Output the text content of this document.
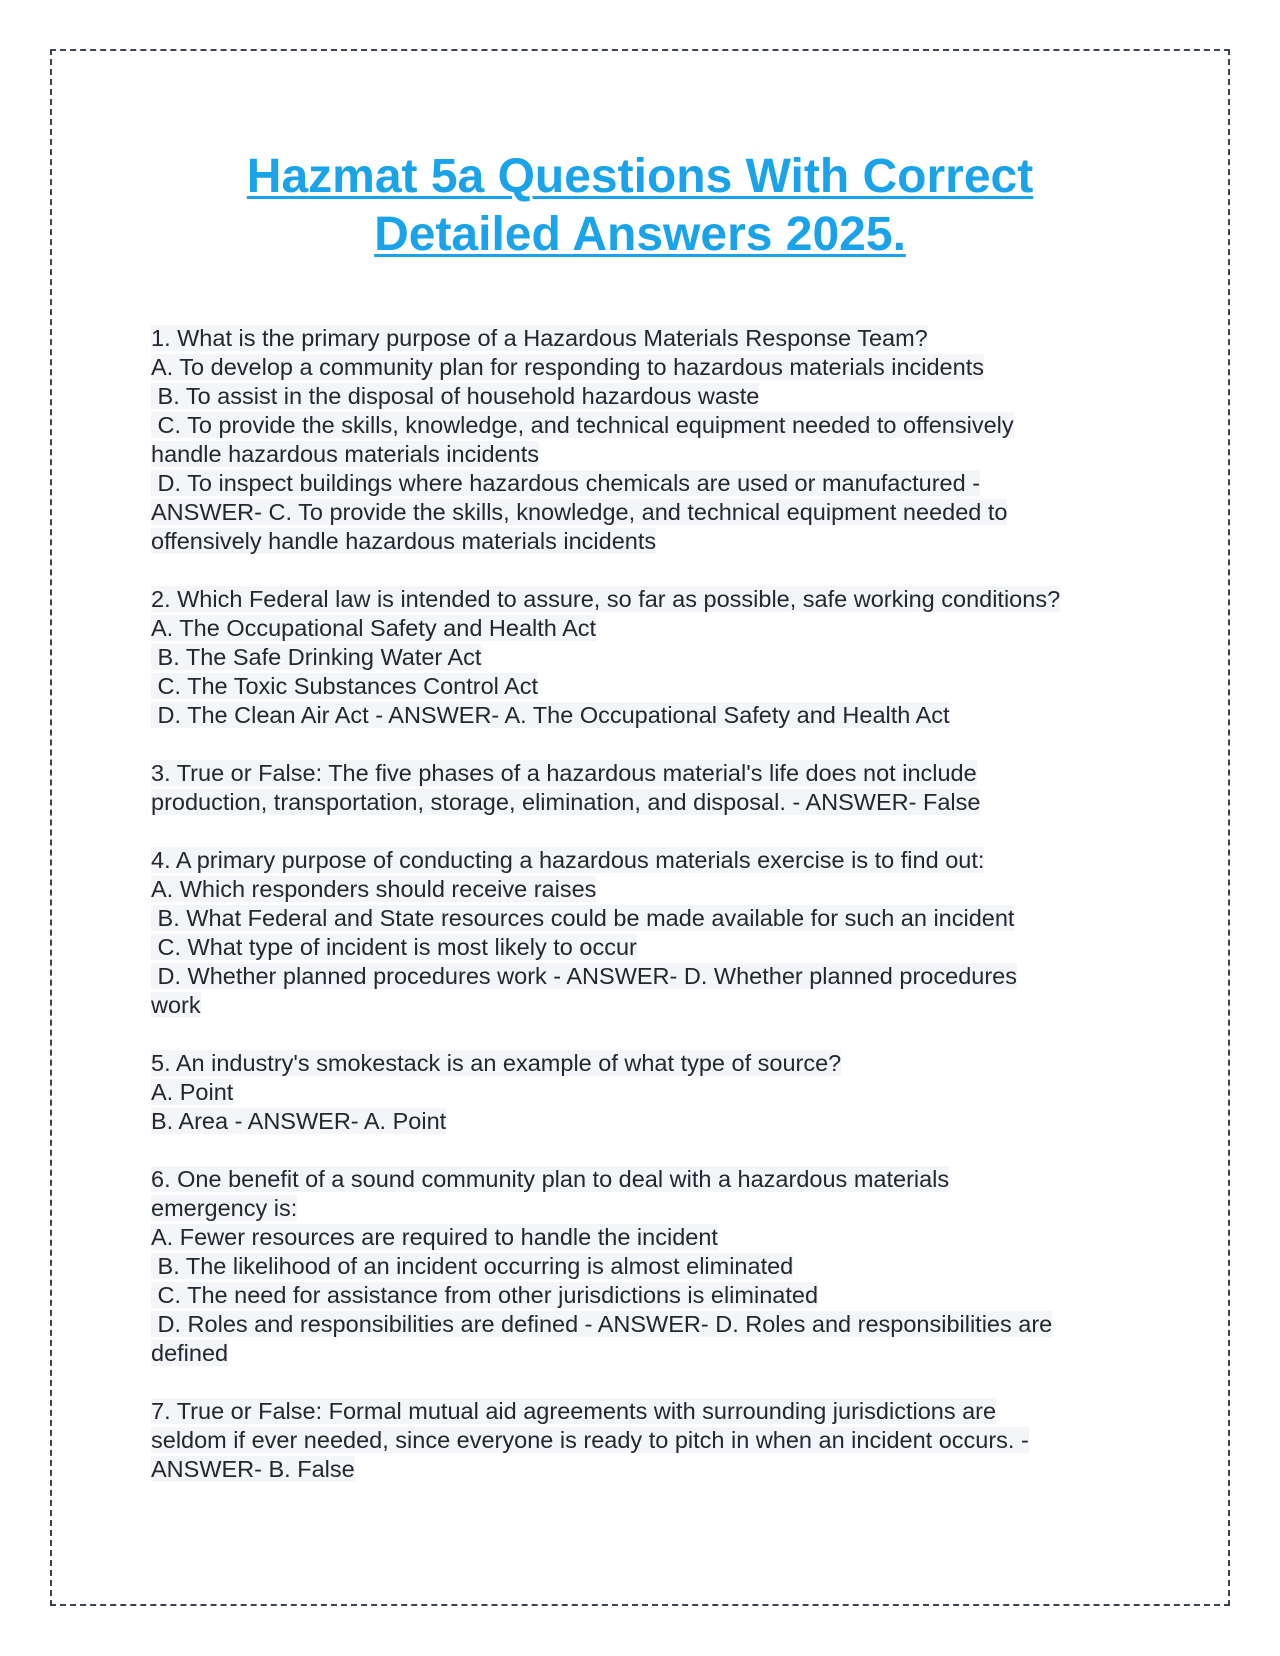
Hazmat 5a Questions With Correct
Detailed Answers 2025.
1. What is the primary purpose of a Hazardous Materials Response Team?
A. To develop a community plan for responding to hazardous materials incidents
B. To assist in the disposal of household hazardous waste
C. To provide the skills, knowledge, and technical equipment needed to offensively
handle hazardous materials incidents
D. To inspect buildings where hazardous chemicals are used or manufactured -
ANSWER- C. To provide the skills, knowledge, and technical equipment needed to
offensively handle hazardous materials incidents
2. Which Federal law is intended to assure, so far as possible, safe working conditions?
A. The Occupational Safety and Health Act
B. The Safe Drinking Water Act
C. The Toxic Substances Control Act
D. The Clean Air Act - ANSWER- A. The Occupational Safety and Health Act
3. True or False: The five phases of a hazardous material's life does not include
production, transportation, storage, elimination, and disposal. - ANSWER- False
4. A primary purpose of conducting a hazardous materials exercise is to find out:
A. Which responders should receive raises
B. What Federal and State resources could be made available for such an incident
C. What type of incident is most likely to occur
D. Whether planned procedures work - ANSWER- D. Whether planned procedures
work
5. An industry's smokestack is an example of what type of source?
A. Point
B. Area - ANSWER- A. Point
6. One benefit of a sound community plan to deal with a hazardous materials
emergency is:
A. Fewer resources are required to handle the incident
B. The likelihood of an incident occurring is almost eliminated
C. The need for assistance from other jurisdictions is eliminated
D. Roles and responsibilities are defined - ANSWER- D. Roles and responsibilities are
defined
7. True or False: Formal mutual aid agreements with surrounding jurisdictions are
seldom if ever needed, since everyone is ready to pitch in when an incident occurs. -
ANSWER- B. False
